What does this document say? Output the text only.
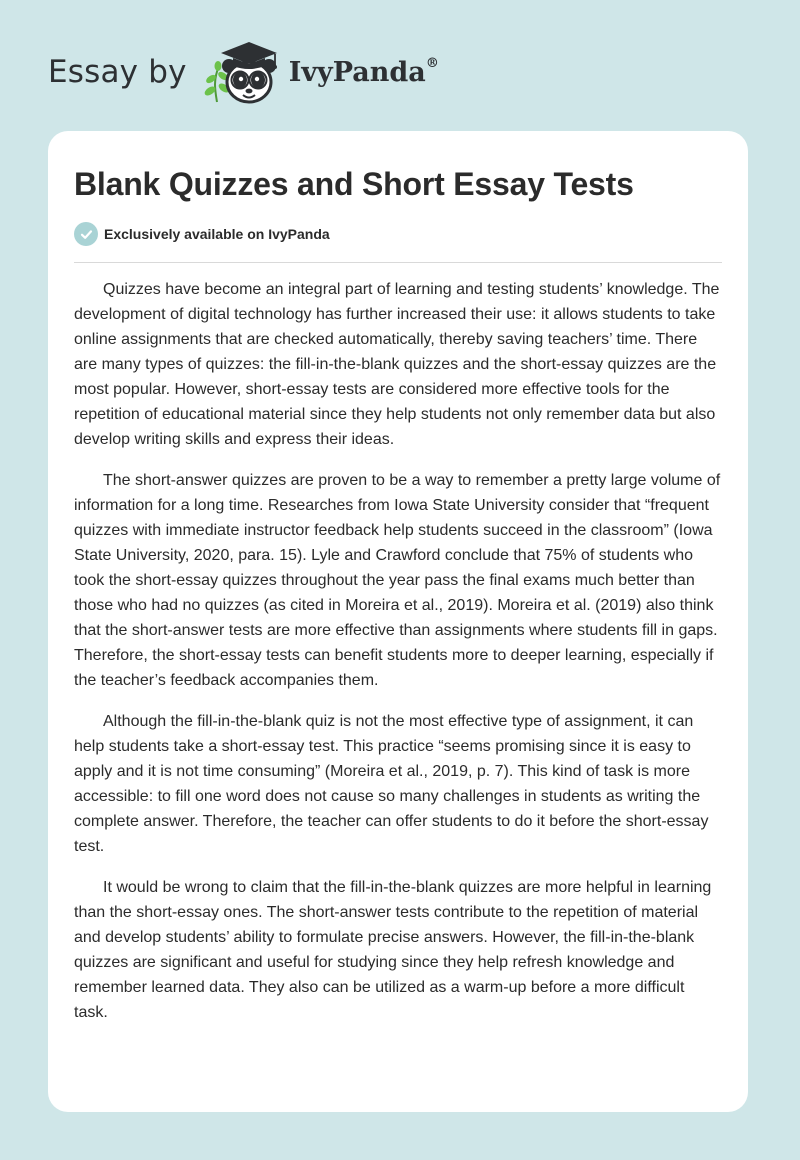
Essay by	IvyPanda®
Blank Quizzes and Short Essay Tests
Exclusively available on IvyPanda

Quizzes have become an integral part of learning and testing students’ knowledge. The development of digital technology has further increased their use: it allows students to take online assignments that are checked automatically, thereby saving teachers’ time. There are many types of quizzes: the fill-in-the-blank quizzes and the short-essay quizzes are the most popular. However, short-essay tests are considered more effective tools for the repetition of educational material since they help students not only remember data but also develop writing skills and express their ideas.

The short-answer quizzes are proven to be a way to remember a pretty large volume of information for a long time. Researches from Iowa State University consider that “frequent quizzes with immediate instructor feedback help students succeed in the classroom” (Iowa State University, 2020, para. 15). Lyle and Crawford conclude that 75% of students who took the short-essay quizzes throughout the year pass the final exams much better than those who had no quizzes (as cited in Moreira et al., 2019). Moreira et al. (2019) also think that the short-answer tests are more effective than assignments where students fill in gaps. Therefore, the short-essay tests can benefit students more to deeper learning, especially if the teacher’s feedback accompanies them.

Although the fill-in-the-blank quiz is not the most effective type of assignment, it can help students take a short-essay test. This practice “seems promising since it is easy to apply and it is not time consuming” (Moreira et al., 2019, p. 7). This kind of task is more accessible: to fill one word does not cause so many challenges in students as writing the complete answer. Therefore, the teacher can offer students to do it before the short-essay test.

It would be wrong to claim that the fill-in-the-blank quizzes are more helpful in learning than the short-essay ones. The short-answer tests contribute to the repetition of material and develop students’ ability to formulate precise answers. However, the fill-in-the-blank quizzes are significant and useful for studying since they help refresh knowledge and remember learned data. They also can be utilized as a warm-up before a more difficult task.
